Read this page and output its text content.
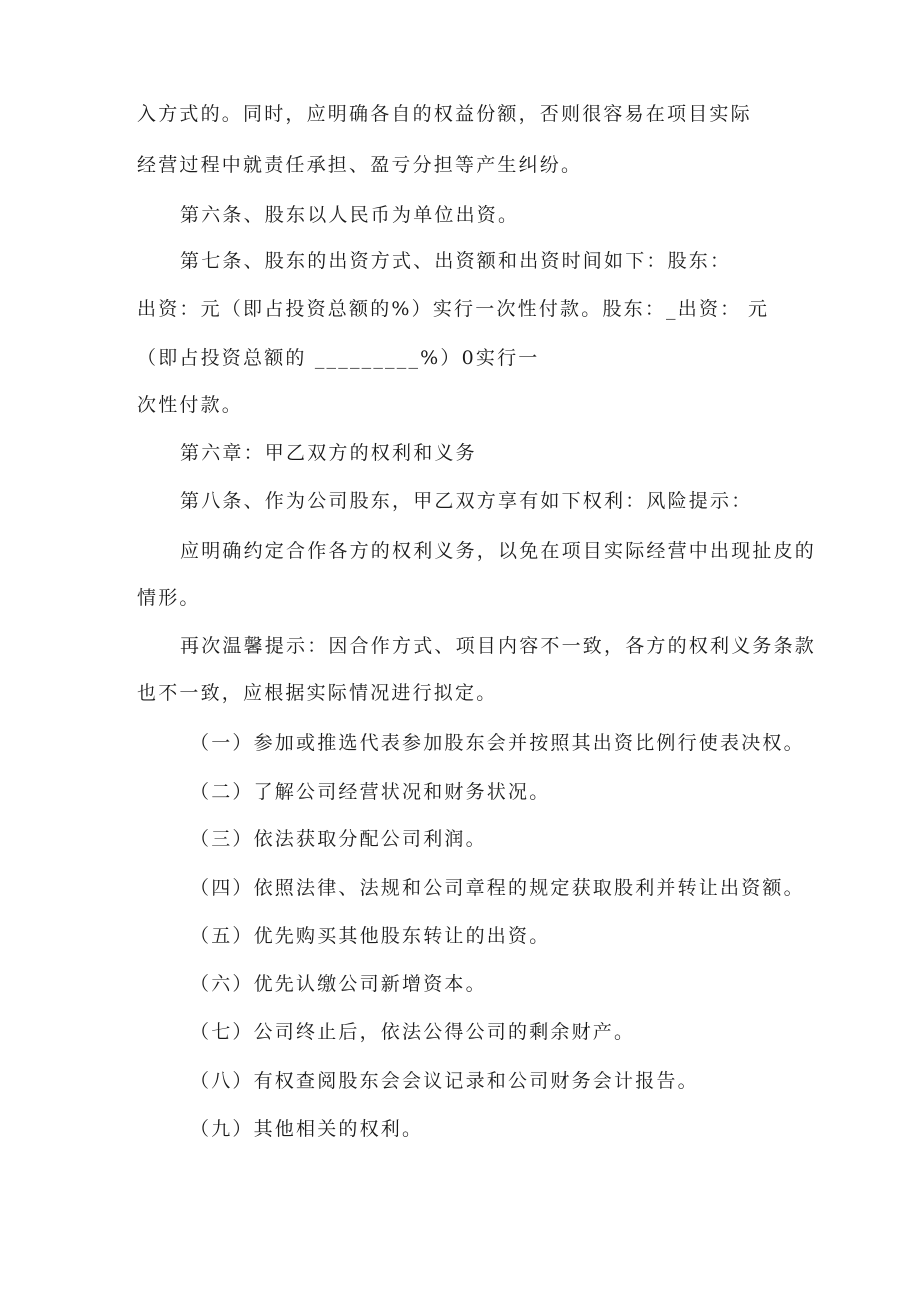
入方式的。同时，应明确各自的权益份额，否则很容易在项目实际
经营过程中就责任承担、盈亏分担等产生纠纷。
第六条、股东以人民币为单位出资。
第七条、股东的出资方式、出资额和出资时间如下：股东：
出资：元（即占投资总额的%）实行一次性付款。股东：_出资： 元
（即占投资总额的 _________%）0实行一
次性付款。
第六章：甲乙双方的权利和义务
第八条、作为公司股东，甲乙双方享有如下权利：风险提示：
应明确约定合作各方的权利义务，以免在项目实际经营中出现扯皮的
情形。
再次温馨提示：因合作方式、项目内容不一致，各方的权利义务条款
也不一致，应根据实际情况进行拟定。
（一）参加或推选代表参加股东会并按照其出资比例行使表决权。
（二）了解公司经营状况和财务状况。
（三）依法获取分配公司利润。
（四）依照法律、法规和公司章程的规定获取股利并转让出资额。
（五）优先购买其他股东转让的出资。
（六）优先认缴公司新增资本。
（七）公司终止后，依法公得公司的剩余财产。
（八）有权查阅股东会会议记录和公司财务会计报告。
（九）其他相关的权利。
